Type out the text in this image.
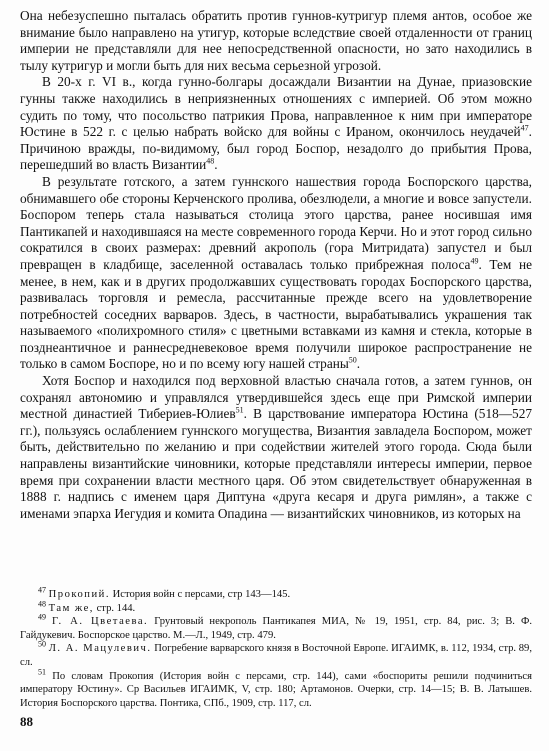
Она небезуспешно пыталась обратить против гуннов-кутригур племя антов, особое же внимание было направлено на утигур, которые вследствие своей отдаленности от границ империи не представляли для нее непосредственной опасности, но зато находились в тылу кутригур и могли быть для них весьма серьезной угрозой.

В 20-х г. VI в., когда гунно-болгары досаждали Византии на Дунае, приазовские гунны также находились в неприязненных отношениях с империей. Об этом можно судить по тому, что посольство патрикия Прова, направленное к ним при императоре Юстине в 522 г. с целью набрать войско для войны с Ираном, окончилось неудачей$^{47}$. Причиною вражды, по-видимому, был город Боспор, незадолго до прибытия Прова, перешедший во власть Византии$^{48}$.

В результате готского, а затем гуннского нашествия города Боспорского царства, обнимавшего обе стороны Керченского пролива, обезлюдели, а многие и вовсе запустели. Боспором теперь стала называться столица этого царства, ранее носившая имя Пантикапей и находившаяся на месте современного города Керчи. Но и этот город сильно сократился в своих размерах: древний акрополь (гора Митридата) запустел и был превращен в кладбище, заселенной оставалась только прибрежная полоса$^{49}$. Тем не менее, в нем, как и в других продолжавших существовать городах Боспорского царства, развивалась торговля и ремесла, рассчитанные прежде всего на удовлетворение потребностей соседних варваров. Здесь, в частности, вырабатывались украшения так называемого «полихромного стиля» с цветными вставками из камня и стекла, которые в позднеантичное и раннесредневековое время получили широкое распространение не только в самом Боспоре, но и по всему югу нашей страны$^{50}$.

Хотя Боспор и находился под верховной властью сначала готов, а затем гуннов, он сохранял автономию и управлялся утвердившейся здесь еще при Римской империи местной династией Тибериев-Юлиев$^{51}$. В царствование императора Юстина (518—527 гг.), пользуясь ослаблением гуннского могущества, Византия завладела Боспором, может быть, действительно по желанию и при содействии жителей этого города. Сюда были направлены византийские чиновники, которые представляли интересы империи, первое время при сохранении власти местного царя. Об этом свидетельствует обнаруженная в 1888 г. надпись с именем царя Диптуна «друга кесаря и друга римлян», а также с именами эпарха Иегудия и комита Опадина — византийских чиновников, из которых на

$^{47}$ Прокопий. История войн с персами, стр 143—145.

$^{48}$ Там же, стр. 144.

$^{49}$ Г. А. Цветаева. Грунтовый некрополь Пантикапея МИА, № 19, 1951, стр. 84, рис. 3; В. Ф. Гайдукевич. Боспорское царство. М.—Л., 1949, стр. 479.

$^{50}$ Л. А. Мацулевич. Погребение варварского князя в Восточной Европе. ИГАИМК, в. 112, 1934, стр. 89, сл.

$^{51}$ По словам Прокопия (История войн с персами, стр. 144), сами «боспориты решили подчиниться императору Юстину». Ср Васильев ИГАИМК, V, стр. 180; Артамонов. Очерки, стр. 14—15; В. В. Латышев. История Боспорского царства. Понтика, СПб., 1909, стр. 117, сл.

88
